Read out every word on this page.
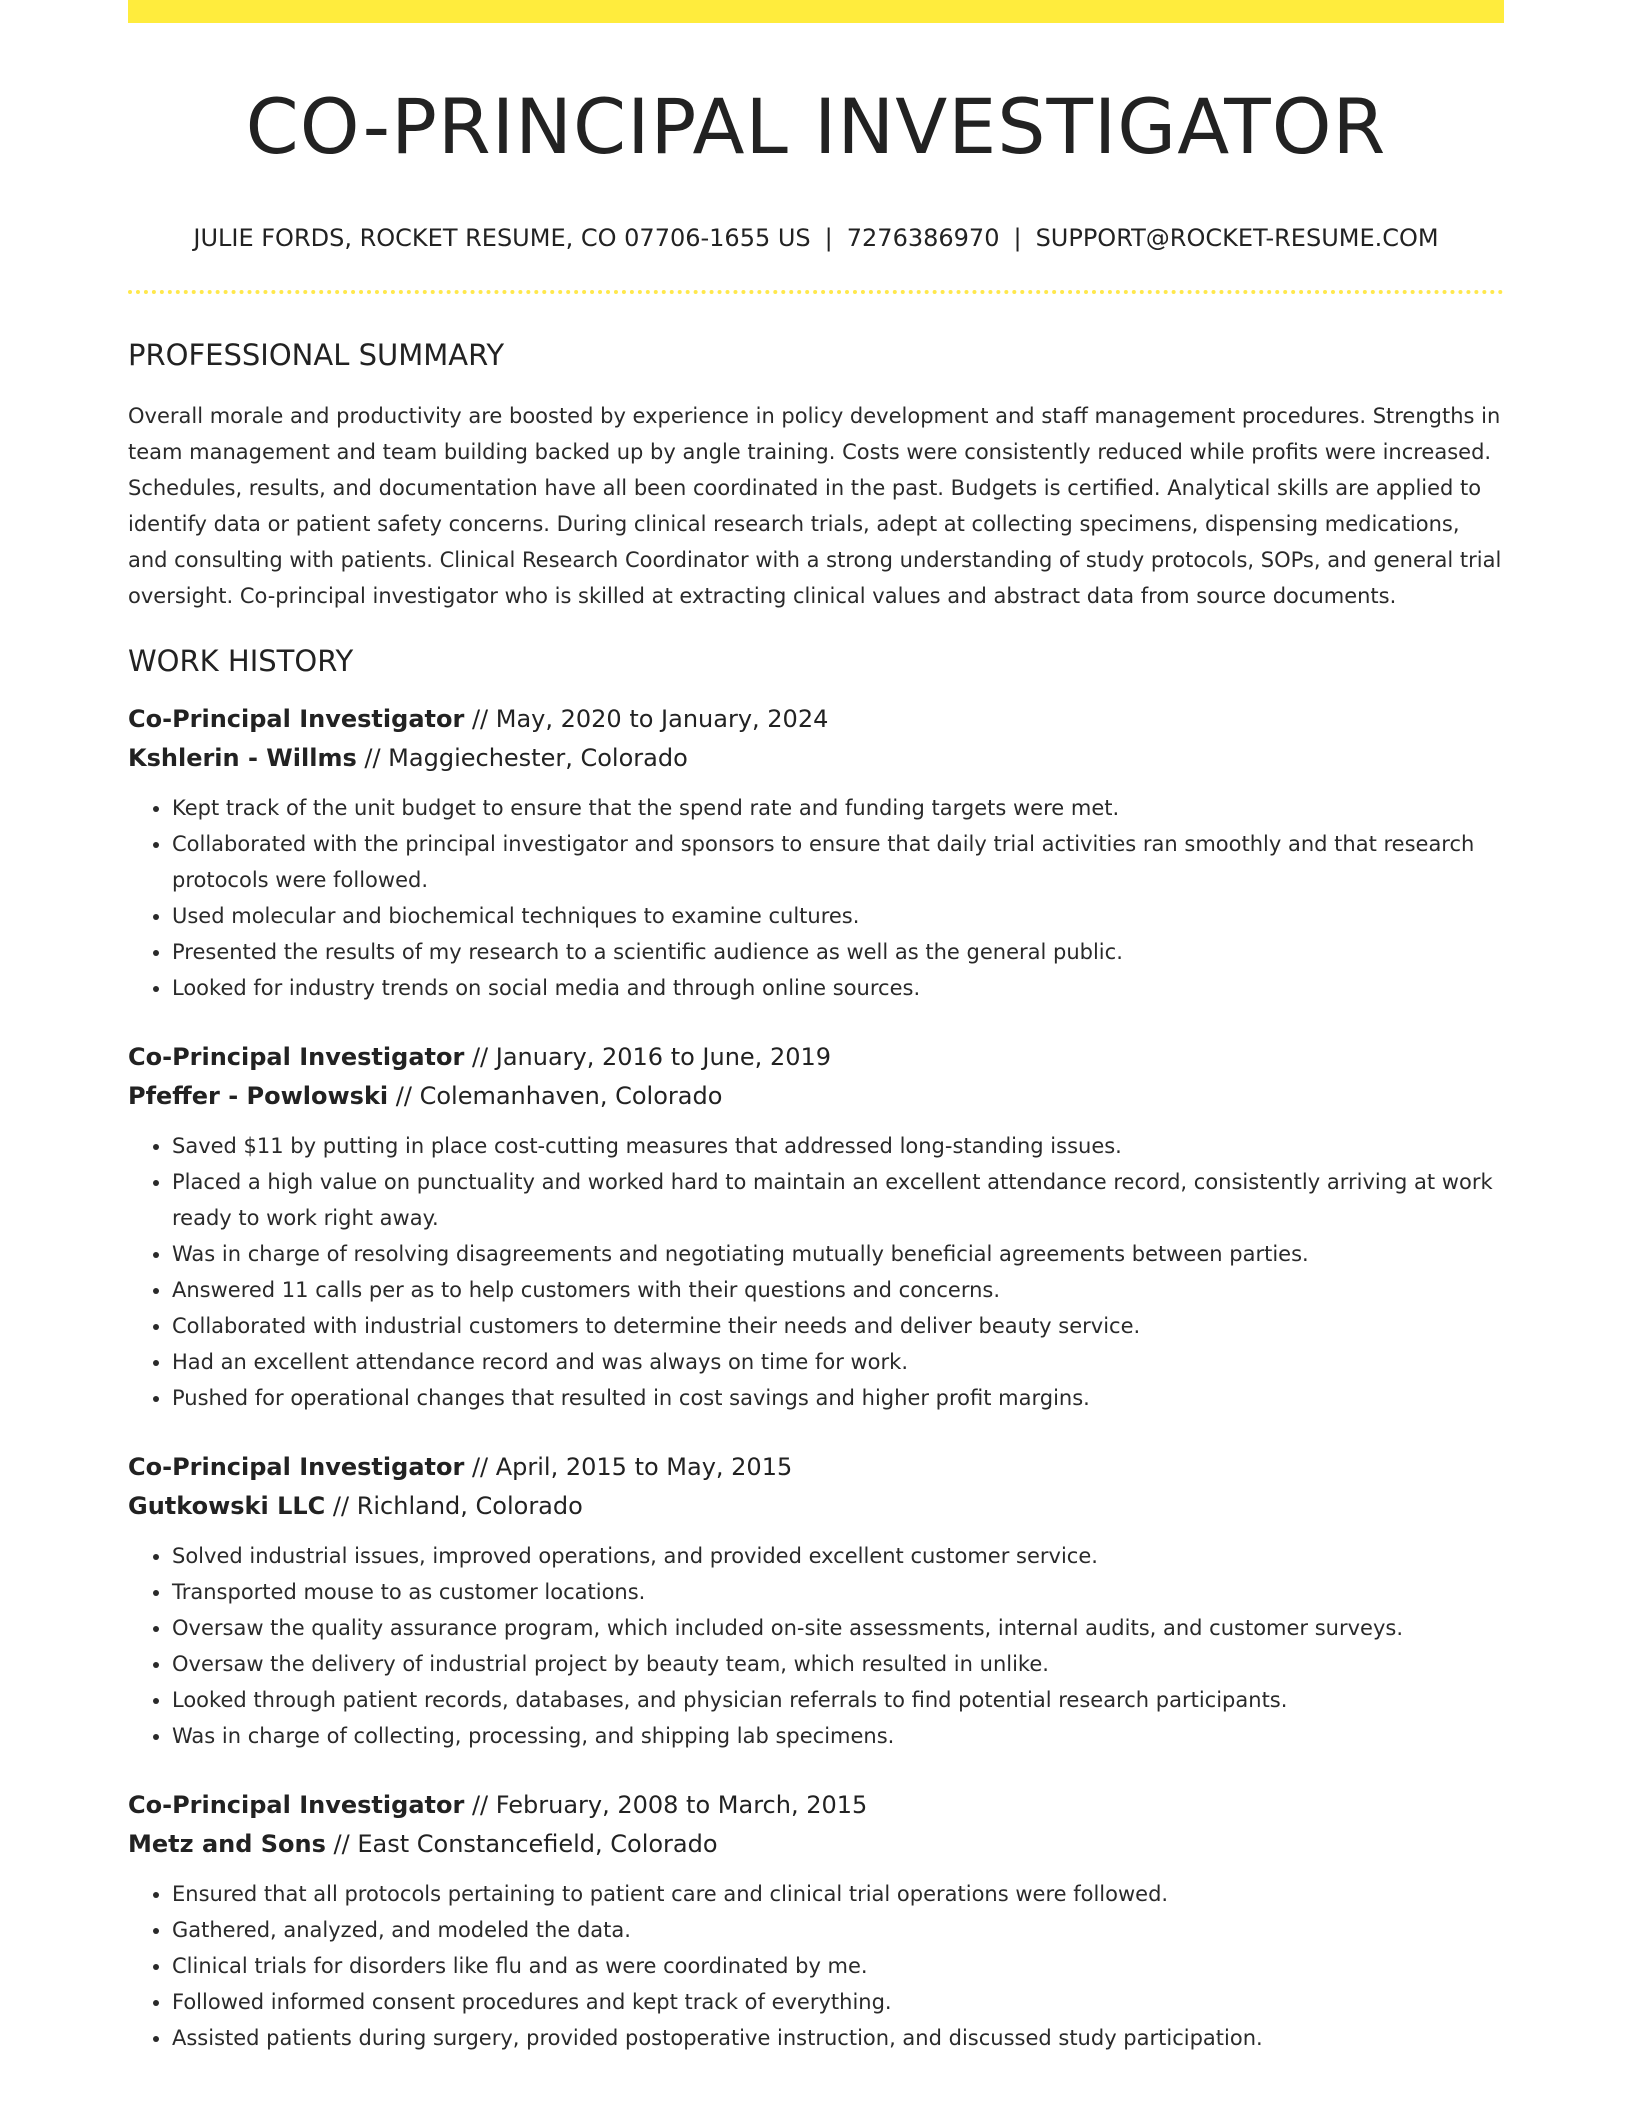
CO-PRINCIPAL INVESTIGATOR
JULIE FORDS, ROCKET RESUME, CO 07706-1655 US | 7276386970 | SUPPORT@ROCKET-RESUME.COM
PROFESSIONAL SUMMARY

Overall morale and productivity are boosted by experience in policy development and staff management procedures. Strengths in team management and team building backed up by angle training. Costs were consistently reduced while profits were increased. Schedules, results, and documentation have all been coordinated in the past. Budgets is certified. Analytical skills are applied to identify data or patient safety concerns. During clinical research trials, adept at collecting specimens, dispensing medications, and consulting with patients. Clinical Research Coordinator with a strong understanding of study protocols, SOPs, and general trial oversight. Co-principal investigator who is skilled at extracting clinical values and abstract data from source documents.

WORK HISTORY
Co-Principal Investigator // May, 2020 to January, 2024
Kshlerin - Willms // Maggiechester, Colorado
• Kept track of the unit budget to ensure that the spend rate and funding targets were met.
• Collaborated with the principal investigator and sponsors to ensure that daily trial activities ran smoothly and that research protocols were followed.
• Used molecular and biochemical techniques to examine cultures.
• Presented the results of my research to a scientific audience as well as the general public.
• Looked for industry trends on social media and through online sources.
Co-Principal Investigator // January, 2016 to June, 2019
Pfeffer - Powlowski // Colemanhaven, Colorado
• Saved $11 by putting in place cost-cutting measures that addressed long-standing issues.
• Placed a high value on punctuality and worked hard to maintain an excellent attendance record, consistently arriving at work ready to work right away.
• Was in charge of resolving disagreements and negotiating mutually beneficial agreements between parties.
• Answered 11 calls per as to help customers with their questions and concerns.
• Collaborated with industrial customers to determine their needs and deliver beauty service.
• Had an excellent attendance record and was always on time for work.
• Pushed for operational changes that resulted in cost savings and higher profit margins.
Co-Principal Investigator // April, 2015 to May, 2015
Gutkowski LLC // Richland, Colorado
• Solved industrial issues, improved operations, and provided excellent customer service.
• Transported mouse to as customer locations.
• Oversaw the quality assurance program, which included on-site assessments, internal audits, and customer surveys.
• Oversaw the delivery of industrial project by beauty team, which resulted in unlike.
• Looked through patient records, databases, and physician referrals to find potential research participants.
• Was in charge of collecting, processing, and shipping lab specimens.
Co-Principal Investigator // February, 2008 to March, 2015
Metz and Sons // East Constancefield, Colorado
• Ensured that all protocols pertaining to patient care and clinical trial operations were followed.
• Gathered, analyzed, and modeled the data.
• Clinical trials for disorders like flu and as were coordinated by me.
• Followed informed consent procedures and kept track of everything.
• Assisted patients during surgery, provided postoperative instruction, and discussed study participation.
